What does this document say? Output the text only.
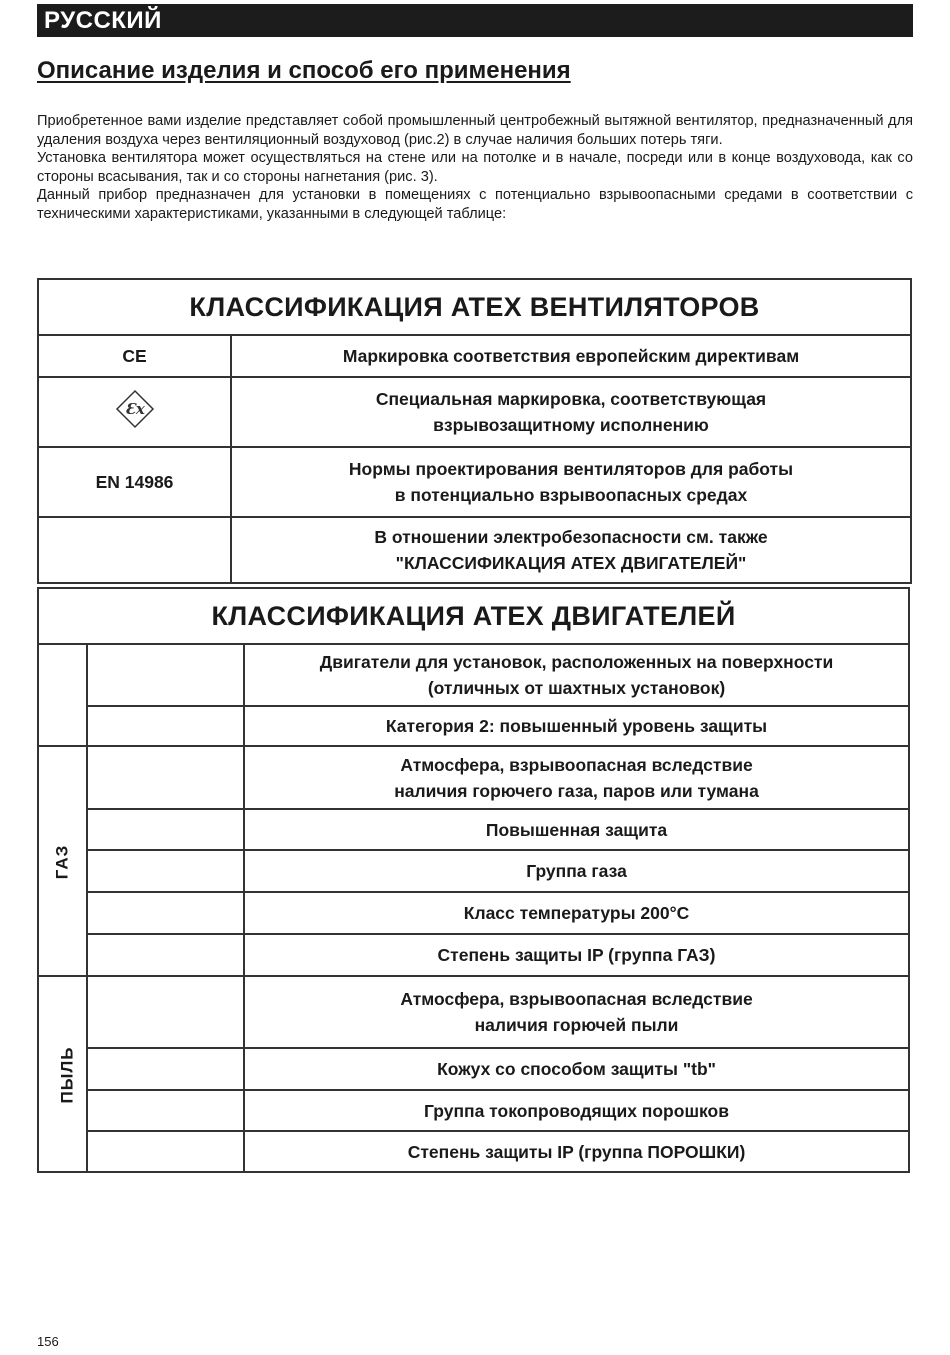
РУССКИЙ
Описание изделия и способ его применения

Приобретенное вами изделие представляет собой промышленный центробежный вытяжной вентилятор, предназначенный для удаления воздуха через вентиляционный воздуховод (рис.2) в случае наличия больших потерь тяги.

Установка вентилятора может осуществляться на стене или на потолке и в начале, посреди или в конце воздуховода, как со стороны всасывания, так и со стороны нагнетания (рис. 3).

Данный прибор предназначен для установки в помещениях с потенциально взрывоопасными средами в соответствии с техническими характеристиками, указанными в следующей таблице:

КЛАССИФИКАЦИЯ ATEX ВЕНТИЛЯТОРОВ	
CE	Маркировка соответствия европейским директивам

Ɛx	Специальная маркировка, соответствующая
взрывозащитному исполнению

EN 14986	Нормы проектирования вентиляторов для работы
в потенциально взрывоопасных средах

	В отношении электробезопасности см. также
"КЛАССИФИКАЦИЯ ATEX ДВИГАТЕЛЕЙ"
КЛАССИФИКАЦИЯ ATEX ДВИГАТЕЛЕЙ		

		Двигатели для установок, расположенных на поверхности
(отличных от шахтных установок)

		Категория 2: повышенный уровень защиты
ГАЗ		Атмосфера, взрывоопасная вследствие
наличия горючего газа, паров или тумана

		Повышенная защита
		Группа газа
		Класс температуры 200°C
		Степень защиты IP (группа ГАЗ)
ПЫЛЬ		Атмосфера, взрывоопасная вследствие
наличия горючей пыли

		Кожух со способом защиты "tb"
		Группа токопроводящих порошков
		Степень защиты IP (группа ПОРОШКИ)
156
